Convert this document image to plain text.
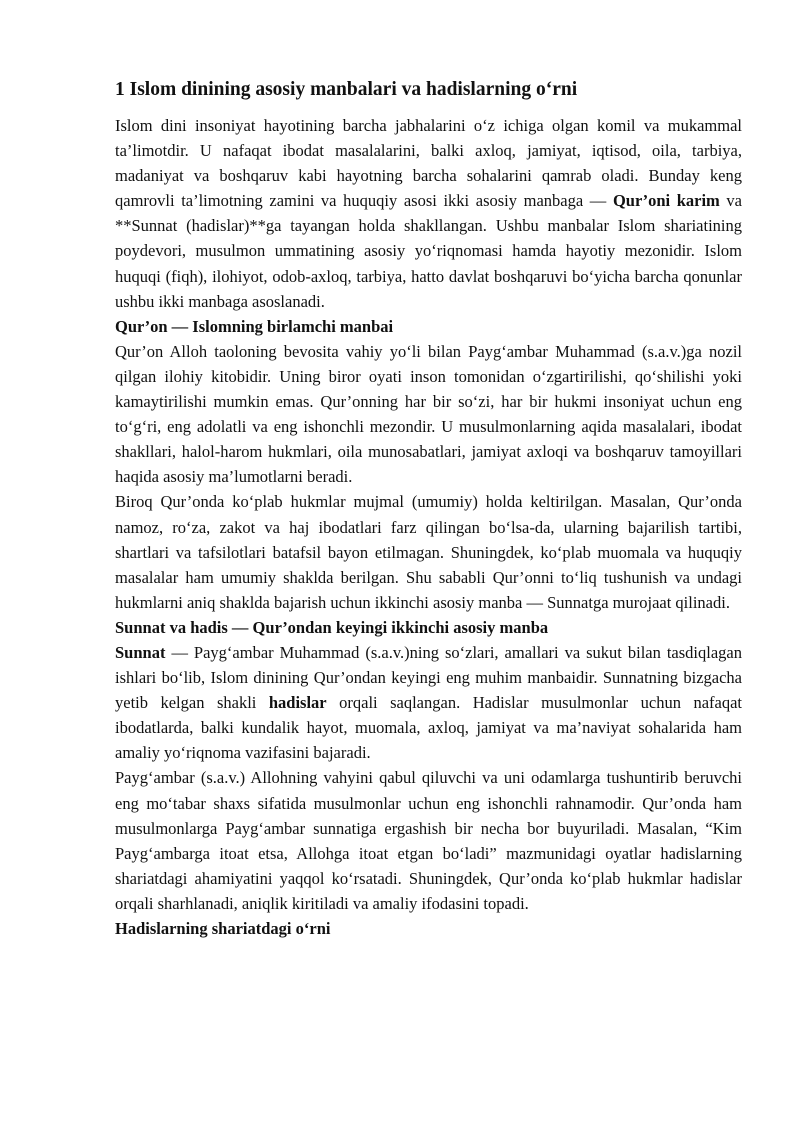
1 Islom dinining asosiy manbalari va hadislarning o‘rni

Islom dini insoniyat hayotining barcha jabhalarini o‘z ichiga olgan komil va mukammal ta’limotdir. U nafaqat ibodat masalalarini, balki axloq, jamiyat, iqtisod, oila, tarbiya, madaniyat va boshqaruv kabi hayotning barcha sohalarini qamrab oladi. Bunday keng qamrovli ta’limotning zamini va huquqiy asosi ikki asosiy manbaga — Qur’oni karim va **Sunnat (hadislar)**ga tayangan holda shakllangan. Ushbu manbalar Islom shariatining poydevori, musulmon ummatining asosiy yo‘riqnomasi hamda hayotiy mezonidir. Islom huquqi (fiqh), ilohiyot, odob-axloq, tarbiya, hatto davlat boshqaruvi bo‘yicha barcha qonunlar ushbu ikki manbaga asoslanadi.

Qur’on — Islomning birlamchi manbai

Qur’on Alloh taoloning bevosita vahiy yo‘li bilan Payg‘ambar Muhammad (s.a.v.)ga nozil qilgan ilohiy kitobidir. Uning biror oyati inson tomonidan o‘zgartirilishi, qo‘shilishi yoki kamaytirilishi mumkin emas. Qur’onning har bir so‘zi, har bir hukmi insoniyat uchun eng to‘g‘ri, eng adolatli va eng ishonchli mezondir. U musulmonlarning aqida masalalari, ibodat shakllari, halol-harom hukmlari, oila munosabatlari, jamiyat axloqi va boshqaruv tamoyillari haqida asosiy ma’lumotlarni beradi.

Biroq Qur’onda ko‘plab hukmlar mujmal (umumiy) holda keltirilgan. Masalan, Qur’onda namoz, ro‘za, zakot va haj ibodatlari farz qilingan bo‘lsa-da, ularning bajarilish tartibi, shartlari va tafsilotlari batafsil bayon etilmagan. Shuningdek, ko‘plab muomala va huquqiy masalalar ham umumiy shaklda berilgan. Shu sababli Qur’onni to‘liq tushunish va undagi hukmlarni aniq shaklda bajarish uchun ikkinchi asosiy manba — Sunnatga murojaat qilinadi.

Sunnat va hadis — Qur’ondan keyingi ikkinchi asosiy manba

Sunnat — Payg‘ambar Muhammad (s.a.v.)ning so‘zlari, amallari va sukut bilan tasdiqlagan ishlari bo‘lib, Islom dinining Qur’ondan keyingi eng muhim manbaidir. Sunnatning bizgacha yetib kelgan shakli hadislar orqali saqlangan. Hadislar musulmonlar uchun nafaqat ibodatlarda, balki kundalik hayot, muomala, axloq, jamiyat va ma’naviyat sohalarida ham amaliy yo‘riqnoma vazifasini bajaradi.

Payg‘ambar (s.a.v.) Allohning vahyini qabul qiluvchi va uni odamlarga tushuntirib beruvchi eng mo‘tabar shaxs sifatida musulmonlar uchun eng ishonchli rahnamodir. Qur’onda ham musulmonlarga Payg‘ambar sunnatiga ergashish bir necha bor buyuriladi. Masalan, “Kim Payg‘ambarga itoat etsa, Allohga itoat etgan bo‘ladi” mazmunidagi oyatlar hadislarning shariatdagi ahamiyatini yaqqol ko‘rsatadi. Shuningdek, Qur’onda ko‘plab hukmlar hadislar orqali sharhlanadi, aniqlik kiritiladi va amaliy ifodasini topadi.

Hadislarning shariatdagi o‘rni
